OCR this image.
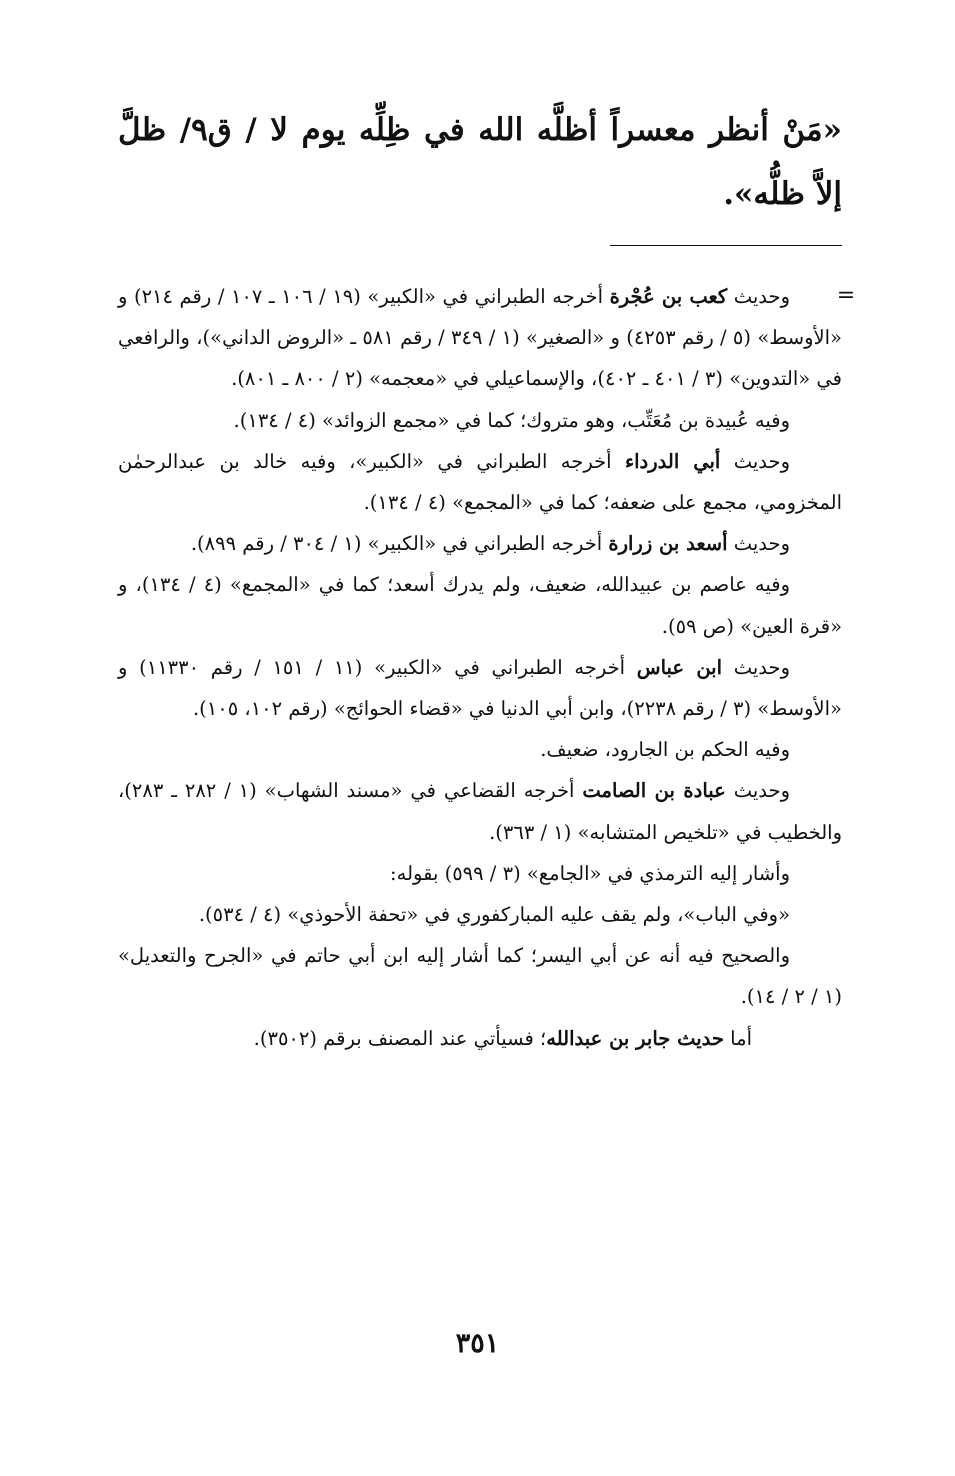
«مَنْ أنظر معسراً أظلَّه الله في ظِلِّه يوم لا / ق٩/ ظلَّ إلاَّ ظلُّه».

=

وحديث كعب بن عُجْرة أخرجه الطبراني في «الكبير» (١٩ / ١٠٦ ـ ١٠٧ / رقم ٢١٤) و «الأوسط» (٥ / رقم ٤٢٥٣) و «الصغير» (١ / ٣٤٩ / رقم ٥٨١ ـ «الروض الداني»)، والرافعي في «التدوين» (٣ / ٤٠١ ـ ٤٠٢)، والإسماعيلي في «معجمه» (٢ / ٨٠٠ ـ ٨٠١).

وفيه عُبيدة بن مُعَتِّب، وهو متروك؛ كما في «مجمع الزوائد» (٤ / ١٣٤).

وحديث أبي الدرداء أخرجه الطبراني في «الكبير»، وفيه خالد بن عبدالرحمٰن المخزومي، مجمع على ضعفه؛ كما في «المجمع» (٤ / ١٣٤).

وحديث أسعد بن زرارة أخرجه الطبراني في «الكبير» (١ / ٣٠٤ / رقم ٨٩٩).

وفيه عاصم بن عبيدالله، ضعيف، ولم يدرك أسعد؛ كما في «المجمع» (٤ / ١٣٤)، و «قرة العين» (ص ٥٩).

وحديث ابن عباس أخرجه الطبراني في «الكبير» (١١ / ١٥١ / رقم ١١٣٣٠) و «الأوسط» (٣ / رقم ٢٢٣٨)، وابن أبي الدنيا في «قضاء الحوائج» (رقم ١٠٢، ١٠٥).

وفيه الحكم بن الجارود، ضعيف.

وحديث عبادة بن الصامت أخرجه القضاعي في «مسند الشهاب» (١ / ٢٨٢ ـ ٢٨٣)، والخطيب في «تلخيص المتشابه» (١ / ٣٦٣).

وأشار إليه الترمذي في «الجامع» (٣ / ٥٩٩) بقوله:

«وفي الباب»، ولم يقف عليه المباركفوري في «تحفة الأحوذي» (٤ / ٥٣٤).

والصحيح فيه أنه عن أبي اليسر؛ كما أشار إليه ابن أبي حاتم في «الجرح والتعديل» (١ / ٢ / ١٤).

أما حديث جابر بن عبدالله؛ فسيأتي عند المصنف برقم (٣٥٠٢).

٣٥١
